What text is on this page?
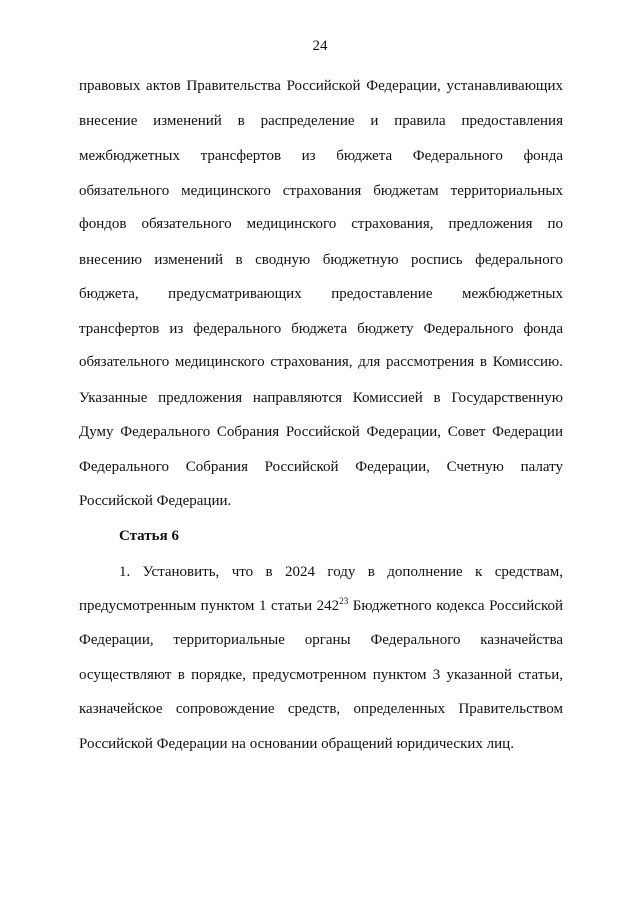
24
правовых актов Правительства Российской Федерации, устанавливающих
внесение изменений в распределение и правила предоставления
межбюджетных трансфертов из бюджета Федерального фонда
обязательного медицинского страхования бюджетам территориальных
фондов обязательного медицинского страхования, предложения по
внесению изменений в сводную бюджетную роспись федерального
бюджета, предусматривающих предоставление межбюджетных
трансфертов из федерального бюджета бюджету Федерального фонда
обязательного медицинского страхования, для рассмотрения в Комиссию.
Указанные предложения направляются Комиссией в Государственную
Думу Федерального Собрания Российской Федерации, Совет Федерации
Федерального Собрания Российской Федерации, Счетную палату
Российской Федерации.
Статья 6
1. Установить, что в 2024 году в дополнение к средствам,
предусмотренным пунктом 1 статьи $242^{23}$ Бюджетного кодекса Российской
Федерации, территориальные органы Федерального казначейства
осуществляют в порядке, предусмотренном пунктом 3 указанной статьи,
казначейское сопровождение средств, определенных Правительством
Российской Федерации на основании обращений юридических лиц.
